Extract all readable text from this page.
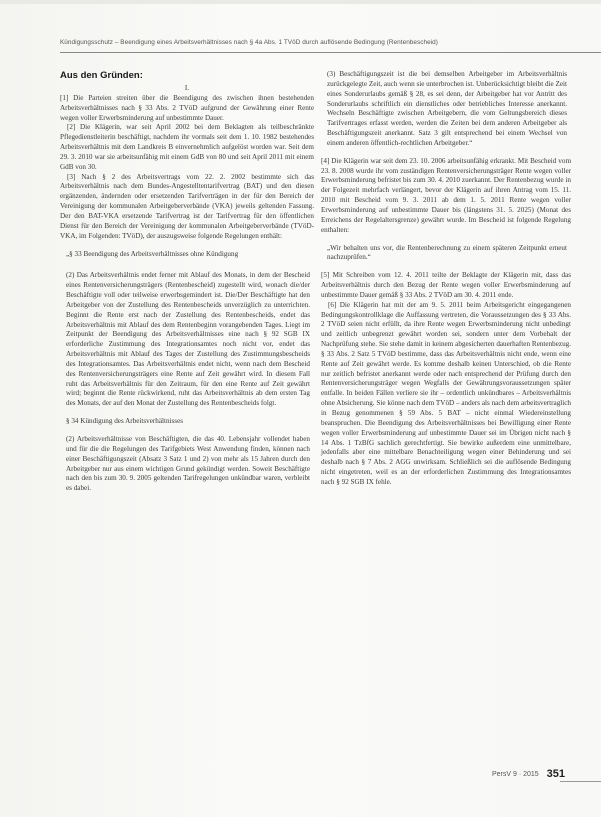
Kündigungsschutz – Beendigung eines Arbeitsverhältnisses nach § 4a Abs. 1 TVöD durch auflösende Bedingung (Rentenbescheid)
Aus den Gründen:

I.

[1] Die Parteien streiten über die Beendigung des zwischen ihnen bestehenden Arbeitsverhältnisses nach § 33 Abs. 2 TVöD aufgrund der Gewährung einer Rente wegen voller Erwerbsminderung auf unbestimmte Dauer.

[2] Die Klägerin, war seit April 2002 bei dem Beklagten als teilbeschränkte Pflegedienstleiterin beschäftigt, nachdem ihr vormals seit dem 1. 10. 1982 bestehendes Arbeitsverhältnis mit dem Landkreis B einvernehmlich aufgelöst worden war. Seit dem 29. 3. 2010 war sie arbeitsunfähig mit einem GdB von 80 und seit April 2011 mit einem GdB von 30.

[3] Nach § 2 des Arbeitsvertrags vom 22. 2. 2002 bestimmte sich das Arbeitsverhältnis nach dem Bundes-Angestelltentarifvertrag (BAT) und den diesen ergänzenden, ändernden oder ersetzenden Tarifverträgen in der für den Bereich der Vereinigung der kommunalen Arbeitgeberverbände (VKA) jeweils geltenden Fassung. Der den BAT-VKA ersetzende Tarifvertrag ist der Tarifvertrag für den öffentlichen Dienst für den Bereich der Vereinigung der kommunalen Arbeitgeberverbände (TVöD-VKA, im Folgenden: TVöD), der auszugsweise folgende Regelungen enthält:

„§ 33 Beendigung des Arbeitsverhältnisses ohne Kündigung

(2) Das Arbeitsverhältnis endet ferner mit Ablauf des Monats, in dem der Bescheid eines Rentenversicherungsträgers (Rentenbescheid) zugestellt wird, wonach die/der Beschäftigte voll oder teilweise erwerbsgemindert ist. Die/Der Beschäftigte hat den Arbeitgeber von der Zustellung des Rentenbescheids unverzüglich zu unterrichten. Beginnt die Rente erst nach der Zustellung des Rentenbescheids, endet das Arbeitsverhältnis mit Ablauf des dem Rentenbeginn vorangehenden Tages. Liegt im Zeitpunkt der Beendigung des Arbeitsverhältnisses eine nach § 92 SGB IX erforderliche Zustimmung des Integrationsamtes noch nicht vor, endet das Arbeitsverhältnis mit Ablauf des Tages der Zustellung des Zustimmungsbescheids des Integrationsamtes. Das Arbeitsverhältnis endet nicht, wenn nach dem Bescheid des Rentenversicherungsträgers eine Rente auf Zeit gewährt wird. In diesem Fall ruht das Arbeitsverhältnis für den Zeitraum, für den eine Rente auf Zeit gewährt wird; beginnt die Rente rückwirkend, ruht das Arbeitsverhältnis ab dem ersten Tag des Monats, der auf den Monat der Zustellung des Rentenbescheids folgt.

§ 34 Kündigung des Arbeitsverhältnisses

(2) Arbeitsverhältnisse von Beschäftigten, die das 40. Lebensjahr vollendet haben und für die die Regelungen des Tarifgebiets West Anwendung finden, können nach einer Beschäftigungszeit (Absatz 3 Satz 1 und 2) von mehr als 15 Jahren durch den Arbeitgeber nur aus einem wichtigen Grund gekündigt werden. Soweit Beschäftigte nach den bis zum 30. 9. 2005 geltenden Tarifregelungen unkündbar waren, verbleibt es dabei.

(3) Beschäftigungszeit ist die bei demselben Arbeitgeber im Arbeitsverhältnis zurückgelegte Zeit, auch wenn sie unterbrochen ist. Unberücksichtigt bleibt die Zeit eines Sonderurlaubs gemäß § 28, es sei denn, der Arbeitgeber hat vor Antritt des Sonderurlaubs schriftlich ein dienstliches oder betriebliches Interesse anerkannt. Wechseln Beschäftigte zwischen Arbeitgebern, die vom Geltungsbereich dieses Tarifvertrages erfasst werden, werden die Zeiten bei dem anderen Arbeitgeber als Beschäftigungszeit anerkannt. Satz 3 gilt entsprechend bei einem Wechsel von einem anderen öffentlich-rechtlichen Arbeitgeber.“

[4] Die Klägerin war seit dem 23. 10. 2006 arbeitsunfähig erkrankt. Mit Bescheid vom 23. 8. 2008 wurde ihr vom zuständigen Rentenversicherungsträger Rente wegen voller Erwerbsminderung befristet bis zum 30. 4. 2010 zuerkannt. Der Rentenbezug wurde in der Folgezeit mehrfach verlängert, bevor der Klägerin auf ihren Antrag vom 15. 11. 2010 mit Bescheid vom 9. 3. 2011 ab dem 1. 5. 2011 Rente wegen voller Erwerbsminderung auf unbestimmte Dauer bis (längstens 31. 5. 2025) (Monat des Erreichens der Regelaltersgrenze) gewährt wurde. Im Bescheid ist folgende Regelung enthalten:

„Wir behalten uns vor, die Rentenberechnung zu einem späteren Zeitpunkt erneut nachzuprüfen.“

[5] Mit Schreiben vom 12. 4. 2011 teilte der Beklagte der Klägerin mit, dass das Arbeitsverhältnis durch den Bezug der Rente wegen voller Erwerbsminderung auf unbestimmte Dauer gemäß § 33 Abs. 2 TVöD am 30. 4. 2011 ende.

[6] Die Klägerin hat mit der am 9. 5. 2011 beim Arbeitsgericht eingegangenen Bedingungskontrollklage die Auffassung vertreten, die Voraussetzungen des § 33 Abs. 2 TVöD seien nicht erfüllt, da ihre Rente wegen Erwerbsminderung nicht unbedingt und zeitlich unbegrenzt gewährt worden sei, sondern unter dem Vorbehalt der Nachprüfung stehe. Sie stehe damit in keinem abgesicherten dauerhaften Rentenbezug. § 33 Abs. 2 Satz 5 TVöD bestimme, dass das Arbeitsverhältnis nicht ende, wenn eine Rente auf Zeit gewährt werde. Es komme deshalb keinen Unterschied, ob die Rente nur zeitlich befristet anerkannt werde oder nach entsprechend der Prüfung durch den Rentenversicherungsträger wegen Wegfalls der Gewährungsvoraussetzungen später entfalle. In beiden Fällen verliere sie ihr – ordentlich unkündbares – Arbeitsverhältnis ohne Absicherung. Sie könne nach dem TVöD – anders als nach dem arbeitsvertraglich in Bezug genommenen § 59 Abs. 5 BAT – nicht einmal Wiedereinstellung beanspruchen. Die Beendigung des Arbeitsverhältnisses bei Bewilligung einer Rente wegen voller Erwerbsminderung auf unbestimmte Dauer sei im Übrigen nicht nach § 14 Abs. 1 TzBfG sachlich gerechtfertigt. Sie bewirke außerdem eine unmittelbare, jedenfalls aber eine mittelbare Benachteiligung wegen einer Behinderung und sei deshalb nach § 7 Abs. 2 AGG unwirksam. Schließlich sei die auflösende Bedingung nicht eingetreten, weil es an der erforderlichen Zustimmung des Integrationsamtes nach § 92 SGB IX fehle.

PersV 9 · 2015 351
